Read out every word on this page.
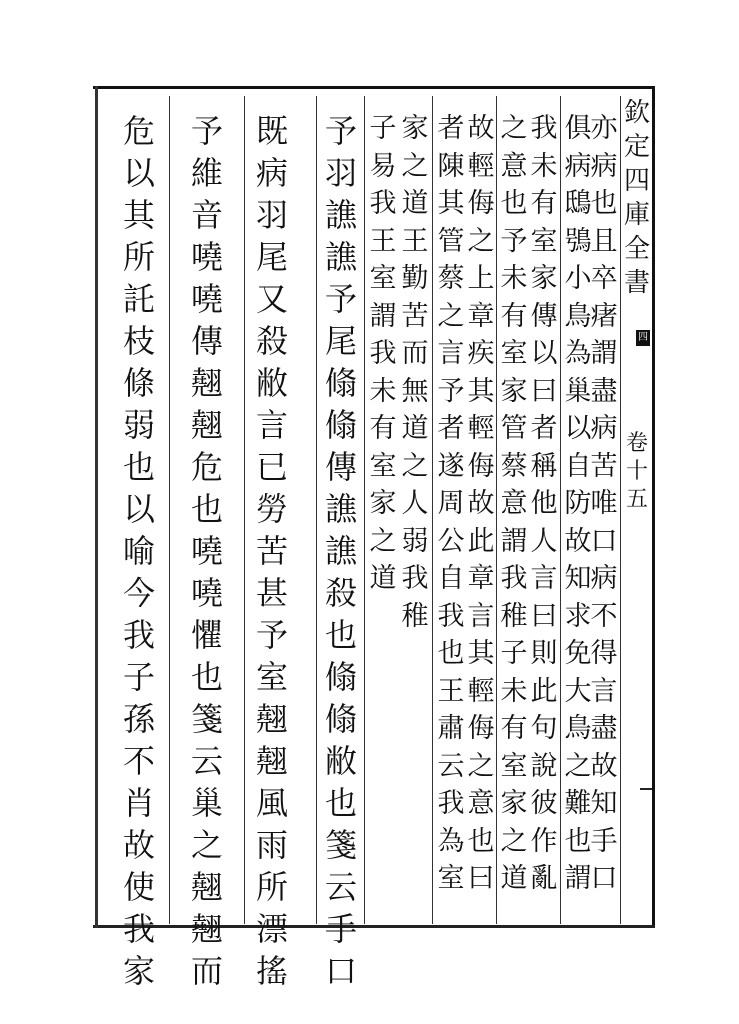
欽
定
四
庫
全
書
四
卷
十
五
亦
病
也
且
卒
瘏
謂
盡
病
苦
唯
口
病
不
得
言
盡
故
知
手
口
俱
病
鴟
鴞
小
鳥
為
巢
以
自
防
故
知
求
免
大
鳥
之
難
也
謂
我
未
有
室
家
傳
以
曰
者
稱
他
人
言
曰
則
此
句
說
彼
作
亂
之
意
也
予
未
有
室
家
管
蔡
意
謂
我
稚
子
未
有
室
家
之
道
故
輕
侮
之
上
章
疾
其
輕
侮
故
此
章
言
其
輕
侮
之
意
也
曰
者
陳
其
管
蔡
之
言
予
者
遂
周
公
自
我
也
王
肅
云
我
為
室
家
之
道
王
勤
苦
而
無
道
之
人
弱
我
稚
子
易
我
王
室
謂
我
未
有
室
家
之
道
予
羽
譙
譙
予
尾
翛
翛
傳
譙
譙
殺
也
翛
翛
敝
也
箋
云
手
口
既
病
羽
尾
又
殺
敝
言
已
勞
苦
甚
予
室
翹
翹
風
雨
所
漂
搖
予
維
音
嘵
嘵
傳
翹
翹
危
也
嘵
嘵
懼
也
箋
云
巢
之
翹
翹
而
危
以
其
所
託
枝
條
弱
也
以
喻
今
我
子
孫
不
肖
故
使
我
家
